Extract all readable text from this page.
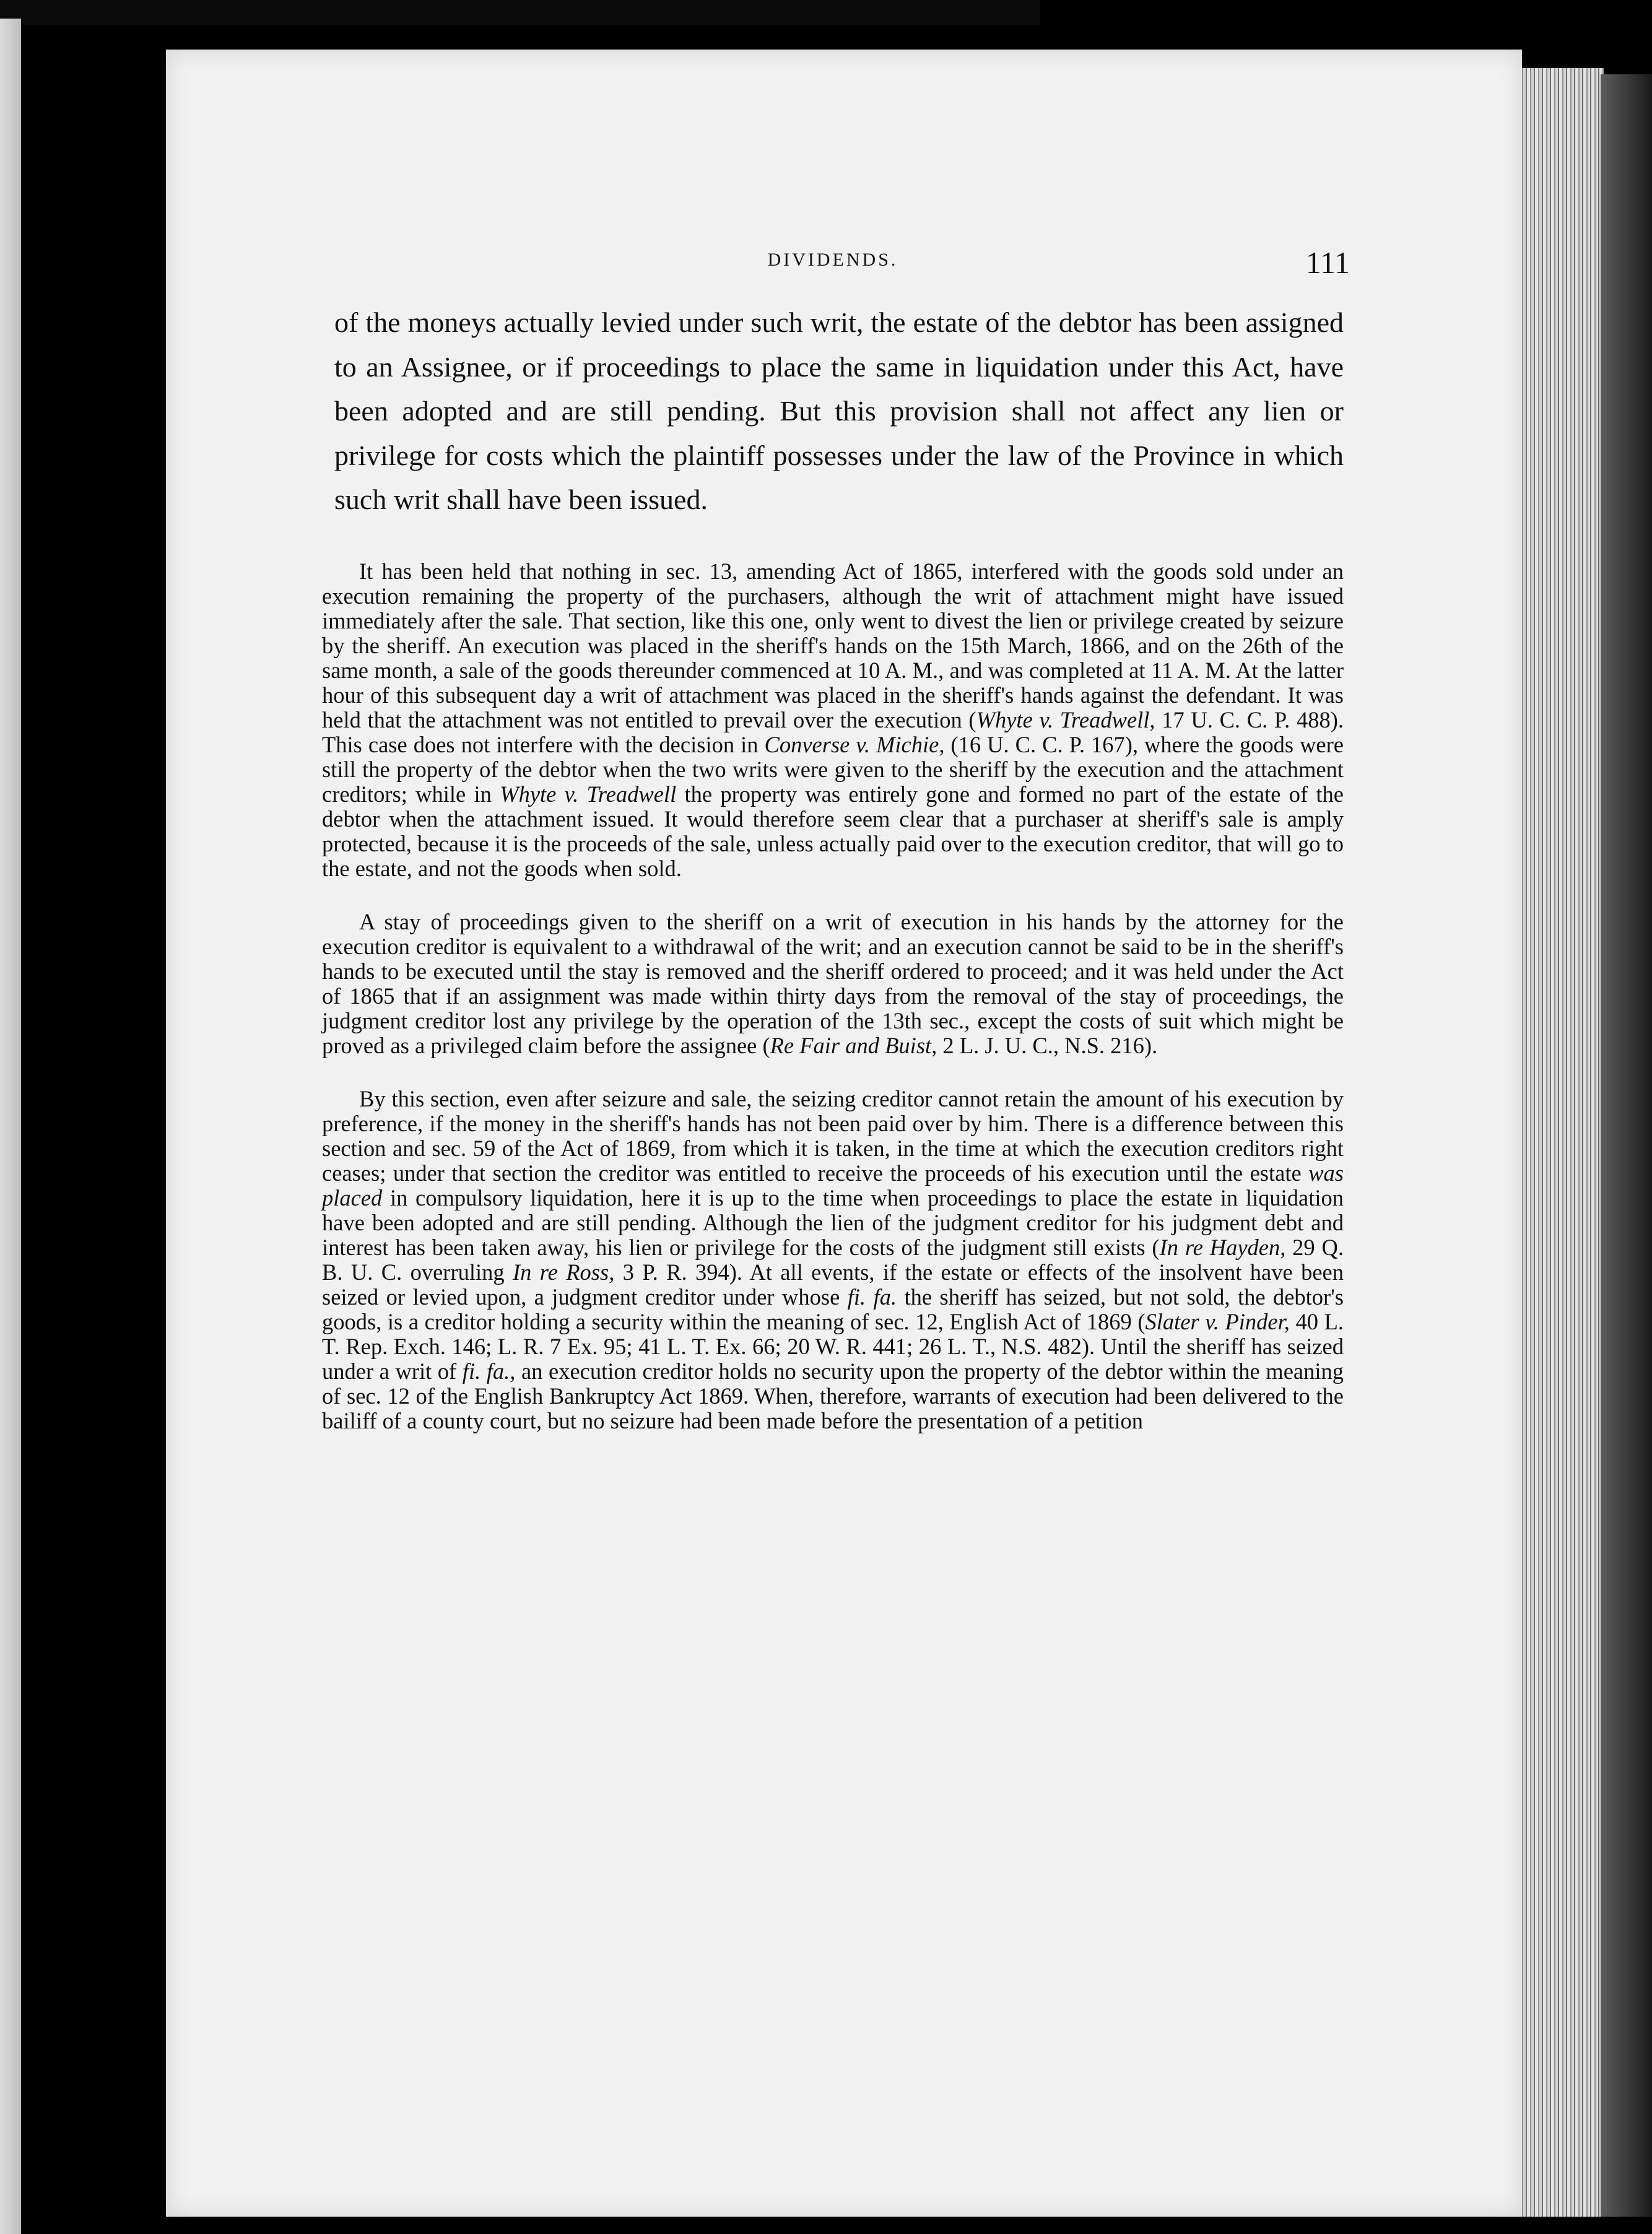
DIVIDENDS.	111

of the moneys actually levied under such writ, the estate of the debtor has been assigned to an Assignee, or if proceedings to place the same in liquidation under this Act, have been adopted and are still pending. But this provision shall not affect any lien or privilege for costs which the plaintiff possesses under the law of the Province in which such writ shall have been issued.

It has been held that nothing in sec. 13, amending Act of 1865, interfered with the goods sold under an execution remaining the property of the purchasers, although the writ of attachment might have issued immediately after the sale. That section, like this one, only went to divest the lien or privilege created by seizure by the sheriff. An execution was placed in the sheriff's hands on the 15th March, 1866, and on the 26th of the same month, a sale of the goods thereunder commenced at 10 A. M., and was completed at 11 A. M. At the latter hour of this subsequent day a writ of attachment was placed in the sheriff's hands against the defendant. It was held that the attachment was not entitled to prevail over the execution (Whyte v. Treadwell, 17 U. C. C. P. 488). This case does not interfere with the decision in Converse v. Michie, (16 U. C. C. P. 167), where the goods were still the property of the debtor when the two writs were given to the sheriff by the execution and the attachment creditors; while in Whyte v. Treadwell the property was entirely gone and formed no part of the estate of the debtor when the attachment issued. It would therefore seem clear that a purchaser at sheriff's sale is amply protected, because it is the proceeds of the sale, unless actually paid over to the execution creditor, that will go to the estate, and not the goods when sold.

A stay of proceedings given to the sheriff on a writ of execution in his hands by the attorney for the execution creditor is equivalent to a withdrawal of the writ; and an execution cannot be said to be in the sheriff's hands to be executed until the stay is removed and the sheriff ordered to proceed; and it was held under the Act of 1865 that if an assignment was made within thirty days from the removal of the stay of proceedings, the judgment creditor lost any privilege by the operation of the 13th sec., except the costs of suit which might be proved as a privileged claim before the assignee (Re Fair and Buist, 2 L. J. U. C., N.S. 216).

By this section, even after seizure and sale, the seizing creditor cannot retain the amount of his execution by preference, if the money in the sheriff's hands has not been paid over by him. There is a difference between this section and sec. 59 of the Act of 1869, from which it is taken, in the time at which the execution creditors right ceases; under that section the creditor was entitled to receive the proceeds of his execution until the estate was placed in compulsory liquidation, here it is up to the time when proceedings to place the estate in liquidation have been adopted and are still pending. Although the lien of the judgment creditor for his judgment debt and interest has been taken away, his lien or privilege for the costs of the judgment still exists (In re Hayden, 29 Q. B. U. C. overruling In re Ross, 3 P. R. 394). At all events, if the estate or effects of the insolvent have been seized or levied upon, a judgment creditor under whose fi. fa. the sheriff has seized, but not sold, the debtor's goods, is a creditor holding a security within the meaning of sec. 12, English Act of 1869 (Slater v. Pinder, 40 L. T. Rep. Exch. 146; L. R. 7 Ex. 95; 41 L. T. Ex. 66; 20 W. R. 441; 26 L. T., N.S. 482). Until the sheriff has seized under a writ of fi. fa., an execution creditor holds no security upon the property of the debtor within the meaning of sec. 12 of the English Bankruptcy Act 1869. When, therefore, warrants of execution had been delivered to the bailiff of a county court, but no seizure had been made before the presentation of a petition
